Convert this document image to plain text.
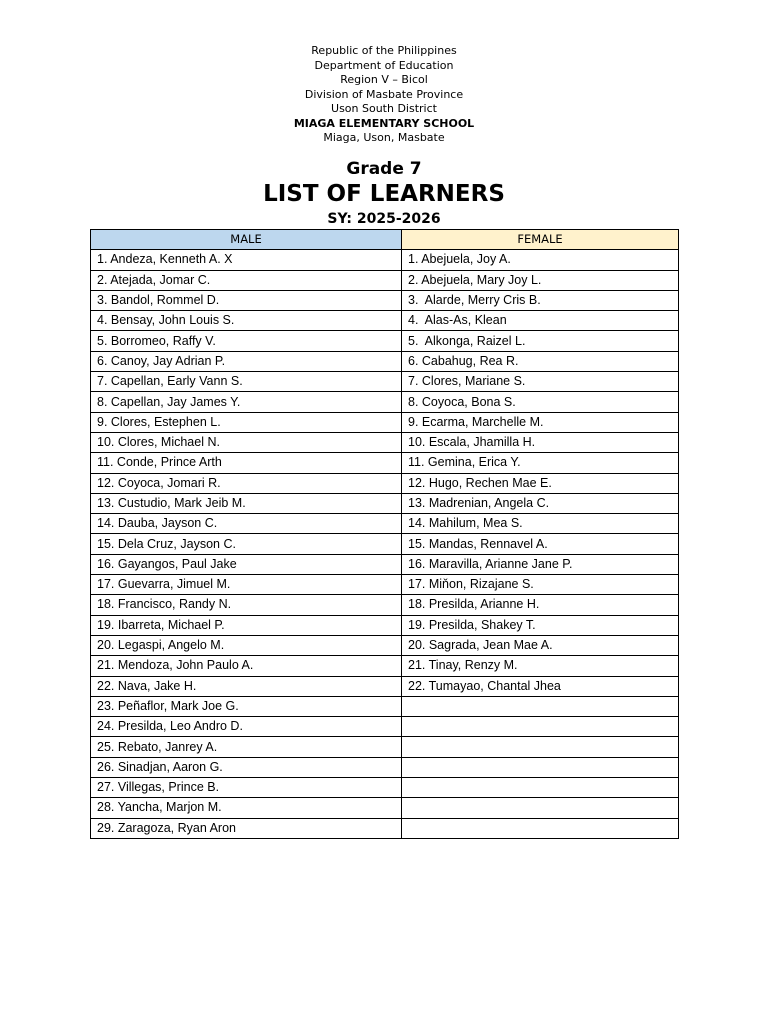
Republic of the Philippines
Department of Education
Region V – Bicol
Division of Masbate Province
Uson South District
MIAGA ELEMENTARY SCHOOL
Miaga, Uson, Masbate
Grade 7
LIST OF LEARNERS
SY: 2025-2026
MALE	FEMALE
1. Andeza, Kenneth A. X	1. Abejuela, Joy A.
2. Atejada, Jomar C.	2. Abejuela, Mary Joy L.
3. Bandol, Rommel D.	3.  Alarde, Merry Cris B.
4. Bensay, John Louis S.	4.  Alas-As, Klean
5. Borromeo, Raffy V.	5.  Alkonga, Raizel L.
6. Canoy, Jay Adrian P.	6. Cabahug, Rea R.
7. Capellan, Early Vann S.	7. Clores, Mariane S.
8. Capellan, Jay James Y.	8. Coyoca, Bona S.
9. Clores, Estephen L.	9. Ecarma, Marchelle M.
10. Clores, Michael N.	10. Escala, Jhamilla H.
11. Conde, Prince Arth	11. Gemina, Erica Y.
12. Coyoca, Jomari R.	12. Hugo, Rechen Mae E.
13. Custudio, Mark Jeib M.	13. Madrenian, Angela C.
14. Dauba, Jayson C.	14. Mahilum, Mea S.
15. Dela Cruz, Jayson C.	15. Mandas, Rennavel A.
16. Gayangos, Paul Jake	16. Maravilla, Arianne Jane P.
17. Guevarra, Jimuel M.	17. Miňon, Rizajane S.
18. Francisco, Randy N.	18. Presilda, Arianne H.
19. Ibarreta, Michael P.	19. Presilda, Shakey T.
20. Legaspi, Angelo M.	20. Sagrada, Jean Mae A.
21. Mendoza, John Paulo A.	21. Tinay, Renzy M.
22. Nava, Jake H.	22. Tumayao, Chantal Jhea
23. Peñaflor, Mark Joe G.	
24. Presilda, Leo Andro D.	
25. Rebato, Janrey A.	
26. Sinadjan, Aaron G.	
27. Villegas, Prince B.	
28. Yancha, Marjon M.	
29. Zaragoza, Ryan Aron	
